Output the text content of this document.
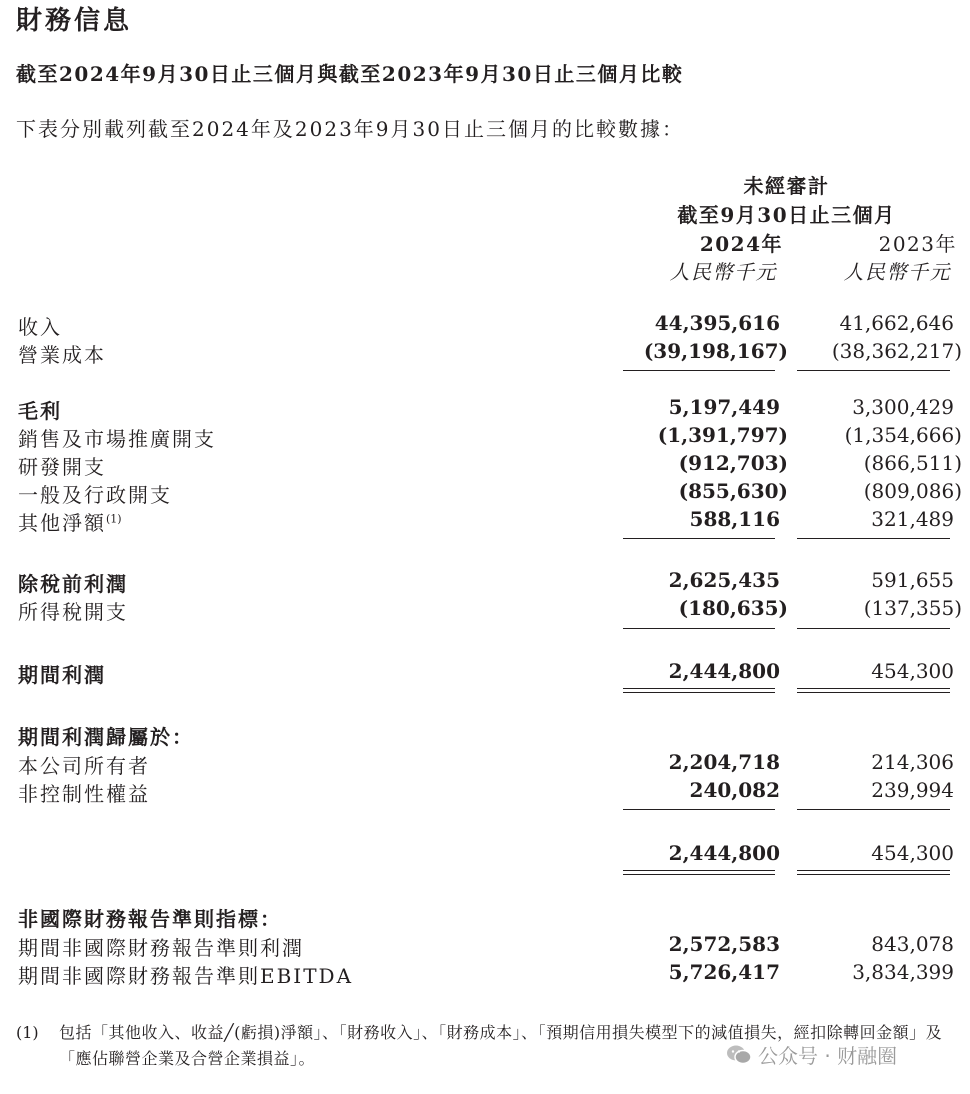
財務信息
截至2024年9月30日止三個月與截至2023年9月30日止三個月比較
下表分別載列截至2024年及2023年9月30日止三個月的比較數據：
未經審計
截至9月30日止三個月
2024年	2023年
人民幣千元	人民幣千元
收入	44,395,616	41,662,646
營業成本	(39,198,167) (38,362,217)
毛利	5,197,449	3,300,429
銷售及市場推廣開支	(1,391,797)	(1,354,666)
研發開支	(912,703)	(866,511)
一般及行政開支	(855,630)	(809,086)
其他淨額$^{(1)}$	588,116	321,489
除稅前利潤	2,625,435	591,655
所得稅開支	(180,635)	(137,355)
期間利潤	2,444,800	454,300
期間利潤歸屬於：
本公司所有者	2,204,718	214,306
非控制性權益	240,082	239,994
2,444,800	454,300
非國際財務報告準則指標：
期間非國際財務報告準則利潤	2,572,583	843,078
期間非國際財務報告準則EBITDA	5,726,417	3,834,399
(1) 包括「其他收入、收益╱(虧損)淨額」、「財務收入」、「財務成本」、「預期信用損失模型下的減值損失，經扣除轉回金額」及「應佔聯營企業及合營企業損益」。	公众号 · 财融圈
